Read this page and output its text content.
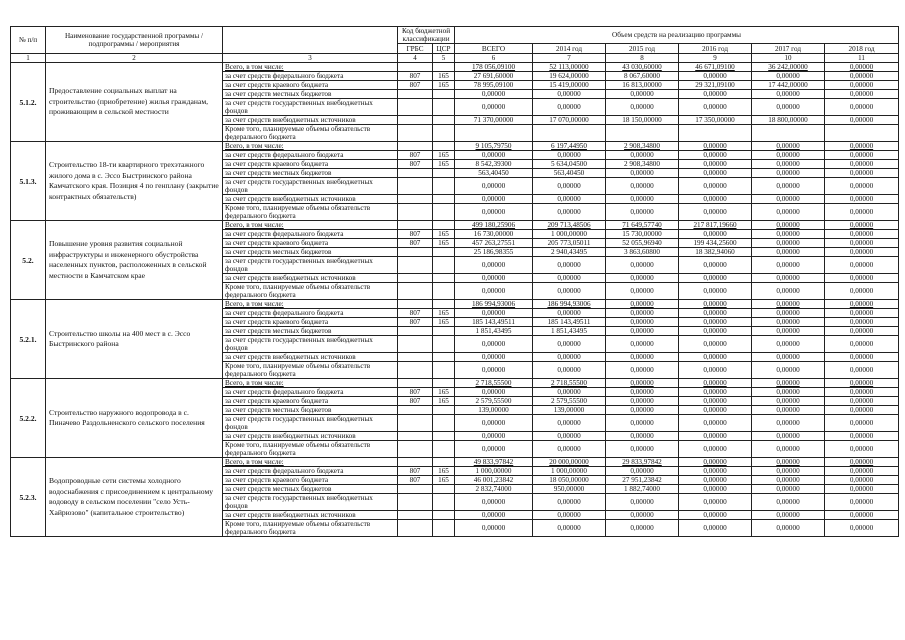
№ п/п	Наименование государственной программы / подпрограммы / мероприятия		Код бюджетной классификации		Объем средств на реализацию программы					
			ГРБС	ЦСР	ВСЕГО	2014 год	2015 год	2016 год	2017 год	2018 год
1	2	3	4	5	6	7	8	9	10	11
5.1.2.	Предоставление социальных выплат на строительство (приобретение) жилья гражданам, проживающим в сельской местности	Всего, в том числе:			178 056,09100	52 113,00000	43 030,60000	46 671,09100	36 242,00000	0,00000
		за счет средств федерального бюджета	807	165	27 691,60000	19 624,00000	8 067,60000	0,00000	0,00000	0,00000
		за счет средств краевого бюджета	807	165	78 995,09100	15 419,00000	16 813,00000	29 321,09100	17 442,00000	0,00000
		за счет средств местных бюджетов			0,00000	0,00000	0,00000	0,00000	0,00000	0,00000
		за счет средств государственных внебюджетных фондов			0,00000	0,00000	0,00000	0,00000	0,00000	0,00000
		за счет средств внебюджетных источников			71 370,00000	17 070,00000	18 150,00000	17 350,00000	18 800,00000	0,00000
		Кроме того, планируемые объемы обязательств федерального бюджета								
5.1.3.	Строительство 18-ти квартирного трехэтажного жилого дома в с. Эссо Быстринского района Камчатского края. Позиция 4 по генплану (закрытие контрактных обязательств)	Всего, в том числе:			9 105,79750	6 197,44950	2 908,34800	0,00000	0,00000	0,00000
		за счет средств федерального бюджета	807	165	0,00000	0,00000	0,00000	0,00000	0,00000	0,00000
		за счет средств краевого бюджета	807	165	8 542,39300	5 634,04500	2 908,34800	0,00000	0,00000	0,00000
		за счет средств местных бюджетов			563,40450	563,40450	0,00000	0,00000	0,00000	0,00000
		за счет средств государственных внебюджетных фондов			0,00000	0,00000	0,00000	0,00000	0,00000	0,00000
		за счет средств внебюджетных источников			0,00000	0,00000	0,00000	0,00000	0,00000	0,00000
		Кроме того, планируемые объемы обязательств федерального бюджета			0,00000	0,00000	0,00000	0,00000	0,00000	0,00000
5.2.	Повышение уровня развития социальной инфраструктуры и инженерного обустройства населенных пунктов, расположенных в сельской местности в Камчатском крае	Всего, в том числе:			499 180,25906	209 713,48506	71 649,57740	217 817,19660	0,00000	0,00000
		за счет средств федерального бюджета	807	165	16 730,00000	1 000,00000	15 730,00000	0,00000	0,00000	0,00000
		за счет средств краевого бюджета	807	165	457 263,27551	205 773,05011	52 055,96940	199 434,25600	0,00000	0,00000
		за счет средств местных бюджетов			25 186,98355	2 940,43495	3 863,60800	18 382,94060	0,00000	0,00000
		за счет средств государственных внебюджетных фондов			0,00000	0,00000	0,00000	0,00000	0,00000	0,00000
		за счет средств внебюджетных источников			0,00000	0,00000	0,00000	0,00000	0,00000	0,00000
		Кроме того, планируемые объемы обязательств федерального бюджета			0,00000	0,00000	0,00000	0,00000	0,00000	0,00000
5.2.1.	Строительство школы на 400 мест в с. Эссо Быстринского района	Всего, в том числе:			186 994,93006	186 994,93006	0,00000	0,00000	0,00000	0,00000
		за счет средств федерального бюджета	807	165	0,00000	0,00000	0,00000	0,00000	0,00000	0,00000
		за счет средств краевого бюджета	807	165	185 143,49511	185 143,49511	0,00000	0,00000	0,00000	0,00000
		за счет средств местных бюджетов			1 851,43495	1 851,43495	0,00000	0,00000	0,00000	0,00000
		за счет средств государственных внебюджетных фондов			0,00000	0,00000	0,00000	0,00000	0,00000	0,00000
		за счет средств внебюджетных источников			0,00000	0,00000	0,00000	0,00000	0,00000	0,00000
		Кроме того, планируемые объемы обязательств федерального бюджета			0,00000	0,00000	0,00000	0,00000	0,00000	0,00000
5.2.2.	Строительство наружного водопровода в с. Пиначево Раздольненского сельского поселения	Всего, в том числе:			2 718,55500	2 718,55500	0,00000	0,00000	0,00000	0,00000
		за счет средств федерального бюджета	807	165	0,00000	0,00000	0,00000	0,00000	0,00000	0,00000
		за счет средств краевого бюджета	807	165	2 579,55500	2 579,55500	0,00000	0,00000	0,00000	0,00000
		за счет средств местных бюджетов			139,00000	139,00000	0,00000	0,00000	0,00000	0,00000
		за счет средств государственных внебюджетных фондов			0,00000	0,00000	0,00000	0,00000	0,00000	0,00000
		за счет средств внебюджетных источников			0,00000	0,00000	0,00000	0,00000	0,00000	0,00000
		Кроме того, планируемые объемы обязательств федерального бюджета			0,00000	0,00000	0,00000	0,00000	0,00000	0,00000
5.2.3.	Водопроводные сети системы холодного водоснабжения с присоединением к центральному водоводу в сельском поселении "село Усть-Хайрюзово" (капитальное строительство)	Всего, в том числе:			49 833,97842	20 000,00000	29 833,97842	0,00000	0,00000	0,00000
		за счет средств федерального бюджета	807	165	1 000,00000	1 000,00000	0,00000	0,00000	0,00000	0,00000
		за счет средств краевого бюджета	807	165	46 001,23842	18 050,00000	27 951,23842	0,00000	0,00000	0,00000
		за счет средств местных бюджетов			2 832,74000	950,00000	1 882,74000	0,00000	0,00000	0,00000
		за счет средств государственных внебюджетных фондов			0,00000	0,00000	0,00000	0,00000	0,00000	0,00000
		за счет средств внебюджетных источников			0,00000	0,00000	0,00000	0,00000	0,00000	0,00000
		Кроме того, планируемые объемы обязательств федерального бюджета			0,00000	0,00000	0,00000	0,00000	0,00000	0,00000
